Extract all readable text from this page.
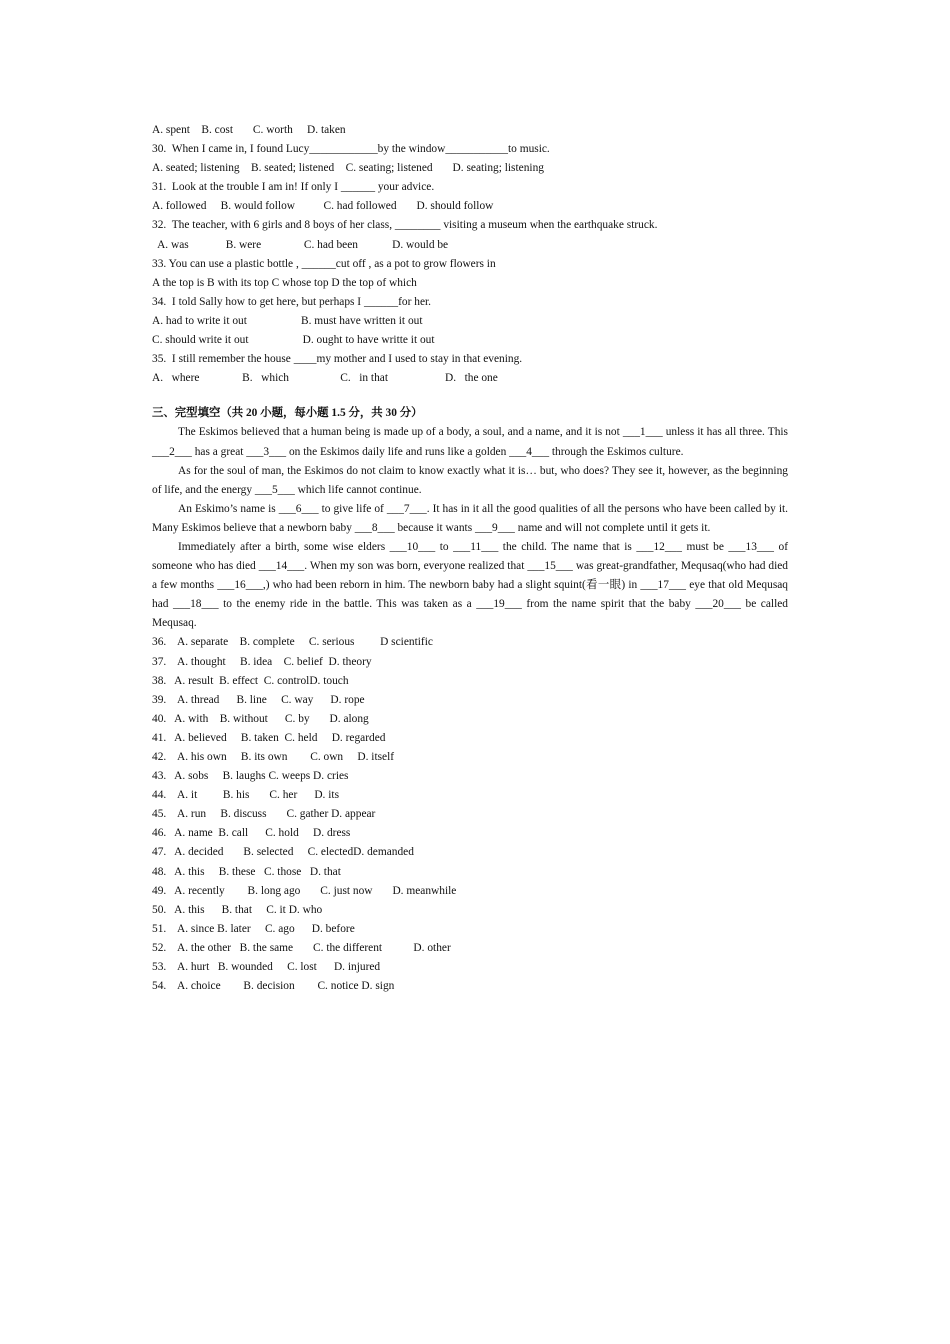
A. spent    B. cost       C. worth     D. taken
30.  When I came in, I found Lucy____________by the window___________to music.
A. seated; listening    B. seated; listened    C. seating; listened       D. seating; listening
31.  Look at the trouble I am in! If only I ______ your advice.
A. followed     B. would follow          C. had followed       D. should follow
32.  The teacher, with 6 girls and 8 boys of her class, ________ visiting a museum when the earthquake struck.
A. was             B. were               C. had been            D. would be
33. You can use a plastic bottle , ______cut off , as a pot to grow flowers in
A the top is B with its top C whose top D the top of which
34.  I told Sally how to get here, but perhaps I ______for her.
A. had to write it out                   B. must have written it out
C. should write it out                   D. ought to have writte it out
35.  I still remember the house ____my mother and I used to stay in that evening.
A.   where               B.   which                  C.   in that                    D.   the one
三、完型填空（共 20 小题，每小题 1.5 分，共 30 分）

The Eskimos believed that a human being is made up of a body, a soul, and a name, and it is not ___1___ unless it has all three. This ___2___ has a great ___3___ on the Eskimos daily life and runs like a golden ___4___ through the Eskimos culture.

As for the soul of man, the Eskimos do not claim to know exactly what it is… but, who does? They see it, however, as the beginning of life, and the energy ___5___ which life cannot continue.

An Eskimo’s name is ___6___ to give life of ___7___. It has in it all the good qualities of all the persons who have been called by it. Many Eskimos believe that a newborn baby ___8___ because it wants ___9___ name and will not complete until it gets it.

Immediately after a birth, some wise elders ___10___ to ___11___ the child. The name that is ___12___ must be ___13___ of someone who has died ___14___. When my son was born, everyone realized that ___15___ was great-grandfather, Mequsaq(who had died a few months ___16___,) who had been reborn in him. The newborn baby had a slight squint(看一眼) in ___17___ eye that old Mequsaq had ___18___ to the enemy ride in the battle. This was taken as a ___19___ from the name spirit that the baby ___20___ be called Mequsaq.

36.    A. separate    B. complete     C. serious         D scientific
37.    A. thought     B. idea    C. belief  D. theory
38.   A. result  B. effect  C. controlD. touch
39.    A. thread      B. line     C. way      D. rope
40.   A. with    B. without      C. by       D. along
41.   A. believed     B. taken  C. held     D. regarded
42.    A. his own     B. its own        C. own     D. itself
43.   A. sobs     B. laughs C. weeps D. cries
44.    A. it         B. his       C. her      D. its
45.    A. run     B. discuss       C. gather D. appear
46.   A. name  B. call      C. hold     D. dress
47.   A. decided       B. selected     C. electedD. demanded
48.   A. this     B. these   C. those   D. that
49.   A. recently        B. long ago       C. just now       D. meanwhile
50.   A. this      B. that     C. it D. who
51.    A. since B. later     C. ago      D. before
52.    A. the other   B. the same       C. the different           D. other
53.    A. hurt   B. wounded     C. lost      D. injured
54.    A. choice        B. decision        C. notice D. sign
